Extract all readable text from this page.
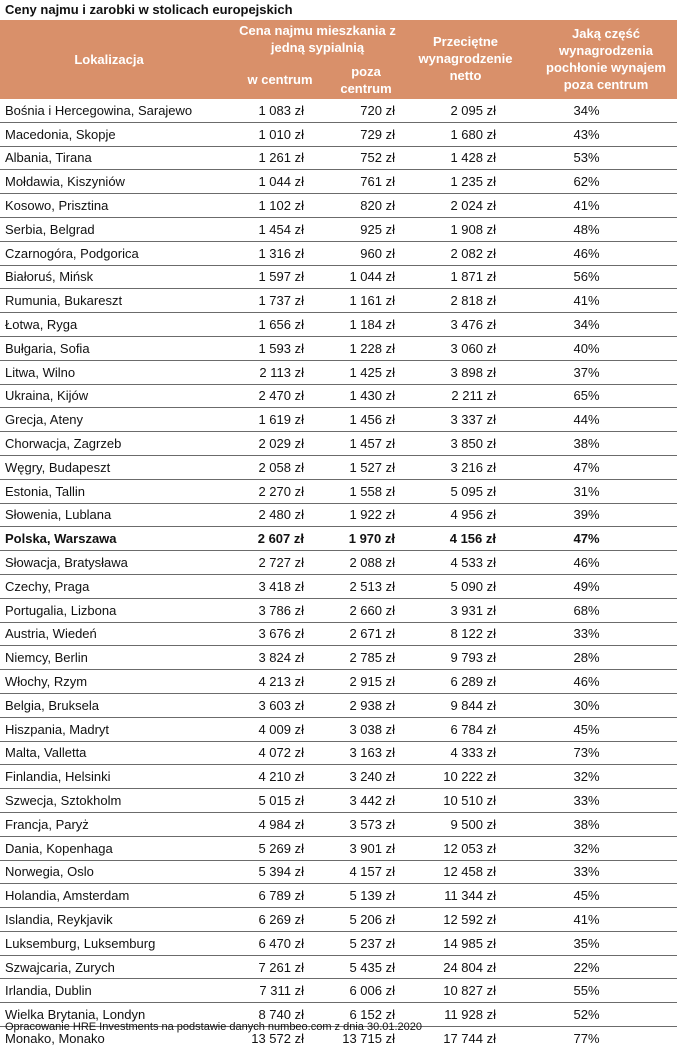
Ceny najmu i zarobki w stolicach europejskich
Lokalizacja
Cena najmu mieszkania z jedną sypialnią
w centrum
poza centrum
Przeciętne wynagrodzenie netto
Jaką część wynagrodzenia pochłonie wynajem poza centrum
Bośnia i Hercegowina, Sarajewo	1 083 zł	720 zł	2 095 zł	34%
Macedonia, Skopje	1 010 zł	729 zł	1 680 zł	43%
Albania, Tirana	1 261 zł	752 zł	1 428 zł	53%
Mołdawia, Kiszyniów	1 044 zł	761 zł	1 235 zł	62%
Kosowo, Prisztina	1 102 zł	820 zł	2 024 zł	41%
Serbia, Belgrad	1 454 zł	925 zł	1 908 zł	48%
Czarnogóra, Podgorica	1 316 zł	960 zł	2 082 zł	46%
Białoruś, Mińsk	1 597 zł	1 044 zł	1 871 zł	56%
Rumunia, Bukareszt	1 737 zł	1 161 zł	2 818 zł	41%
Łotwa, Ryga	1 656 zł	1 184 zł	3 476 zł	34%
Bułgaria, Sofia	1 593 zł	1 228 zł	3 060 zł	40%
Litwa, Wilno	2 113 zł	1 425 zł	3 898 zł	37%
Ukraina, Kijów	2 470 zł	1 430 zł	2 211 zł	65%
Grecja, Ateny	1 619 zł	1 456 zł	3 337 zł	44%
Chorwacja, Zagrzeb	2 029 zł	1 457 zł	3 850 zł	38%
Węgry, Budapeszt	2 058 zł	1 527 zł	3 216 zł	47%
Estonia, Tallin	2 270 zł	1 558 zł	5 095 zł	31%
Słowenia, Lublana	2 480 zł	1 922 zł	4 956 zł	39%
Polska, Warszawa	2 607 zł	1 970 zł	4 156 zł	47%
Słowacja, Bratysława	2 727 zł	2 088 zł	4 533 zł	46%
Czechy, Praga	3 418 zł	2 513 zł	5 090 zł	49%
Portugalia, Lizbona	3 786 zł	2 660 zł	3 931 zł	68%
Austria, Wiedeń	3 676 zł	2 671 zł	8 122 zł	33%
Niemcy, Berlin	3 824 zł	2 785 zł	9 793 zł	28%
Włochy, Rzym	4 213 zł	2 915 zł	6 289 zł	46%
Belgia, Bruksela	3 603 zł	2 938 zł	9 844 zł	30%
Hiszpania, Madryt	4 009 zł	3 038 zł	6 784 zł	45%
Malta, Valletta	4 072 zł	3 163 zł	4 333 zł	73%
Finlandia, Helsinki	4 210 zł	3 240 zł	10 222 zł	32%
Szwecja, Sztokholm	5 015 zł	3 442 zł	10 510 zł	33%
Francja, Paryż	4 984 zł	3 573 zł	9 500 zł	38%
Dania, Kopenhaga	5 269 zł	3 901 zł	12 053 zł	32%
Norwegia, Oslo	5 394 zł	4 157 zł	12 458 zł	33%
Holandia, Amsterdam	6 789 zł	5 139 zł	11 344 zł	45%
Islandia, Reykjavik	6 269 zł	5 206 zł	12 592 zł	41%
Luksemburg, Luksemburg	6 470 zł	5 237 zł	14 985 zł	35%
Szwajcaria, Zurych	7 261 zł	5 435 zł	24 804 zł	22%
Irlandia, Dublin	7 311 zł	6 006 zł	10 827 zł	55%
Wielka Brytania, Londyn	8 740 zł	6 152 zł	11 928 zł	52%
Monako, Monako	13 572 zł	13 715 zł	17 744 zł	77%
Opracowanie HRE Investments na podstawie danych numbeo.com z dnia 30.01.2020
